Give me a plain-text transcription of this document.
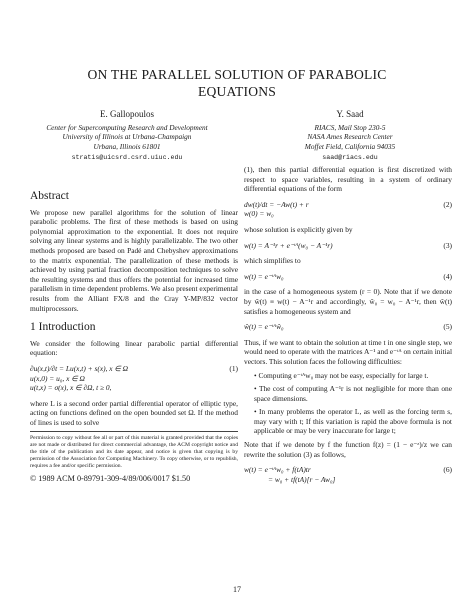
ON THE PARALLEL SOLUTION OF PARABOLIC
EQUATIONS
E. Gallopoulos
Center for Supercomputing Research and Development
University of Illinois at Urbana-Champaign
Urbana, Illinois 61801
stratis@uicsrd.csrd.uiuc.edu
Y. Saad
RIACS, Mail Stop 230-5
NASA Ames Research Center
Moffet Field, California 94035
saad@riacs.edu
Abstract

We propose new parallel algorithms for the solution of linear parabolic problems. The first of these methods is based on using polynomial approximation to the exponential. It does not require solving any linear systems and is highly parallelizable. The two other methods proposed are based on Padé and Chebyshev approximations to the matrix exponential. The parallelization of these methods is achieved by using partial fraction decomposition techniques to solve the resulting systems and thus offers the potential for increased time parallelism in time dependent problems. We also present experimental results from the Alliant FX/8 and the Cray Y-MP/832 vector multiprocessors.

1 Introduction

We consider the following linear parabolic partial differential equation:

∂u(x,t)/∂t = Lu(x,t) + s(x), x ∈ Ω	(1)
u(x,0) = u₀, x ∈ Ω
u(t,x) = σ(x), x ∈ ∂Ω, t ≥ 0,

where L is a second order partial differential operator of elliptic type, acting on functions defined on the open bounded set Ω. If the method of lines is used to solve

Permission to copy without fee all or part of this material is granted provided that the copies are not made or distributed for direct commercial advantage, the ACM copyright notice and the title of the publication and its date appear, and notice is given that copying is by permission of the Association for Computing Machinery. To copy otherwise, or to republish, requires a fee and/or specific permission.
© 1989 ACM 0-89791-309-4/89/006/0017 $1.50

(1), then this partial differential equation is first discretized with respect to space variables, resulting in a system of ordinary differential equations of the form

dw(t)/dt = −Aw(t) + r	(2)
w(0) = w₀

whose solution is explicitly given by

w(t) = A⁻¹r + e⁻ᵗᴬ(w₀ − A⁻¹r)	(3)

which simplifies to

w(t) = e⁻ᵗᴬw₀	(4)

in the case of a homogeneous system (r = 0). Note that if we denote by ŵ(t) ≡ w(t) − A⁻¹r and accordingly, ŵ₀ = w₀ − A⁻¹r, then ŵ(t) satisfies a homogeneous system and

ŵ(t) = e⁻ᵗᴬŵ₀	(5)

Thus, if we want to obtain the solution at time t in one single step, we would need to operate with the matrices A⁻¹ and e⁻ᵗᴬ on certain initial vectors. This solution faces the following difficulties:

• Computing e⁻ᵗᴬw₀ may not be easy, especially for large t.
• The cost of computing A⁻¹r is not negligible for more than one space dimensions.
• In many problems the operator L, as well as the forcing term s, may vary with t; If this variation is rapid the above formula is not applicable or may be very inaccurate for large t;

Note that if we denote by f the function f(z) = (1 − e⁻ᶻ)/z we can rewrite the solution (3) as follows,

w(t) = e⁻ᵗᴬw₀ + f(tA)tr	(6)
= w₀ + tf(tA)[r − Aw₀]
17
